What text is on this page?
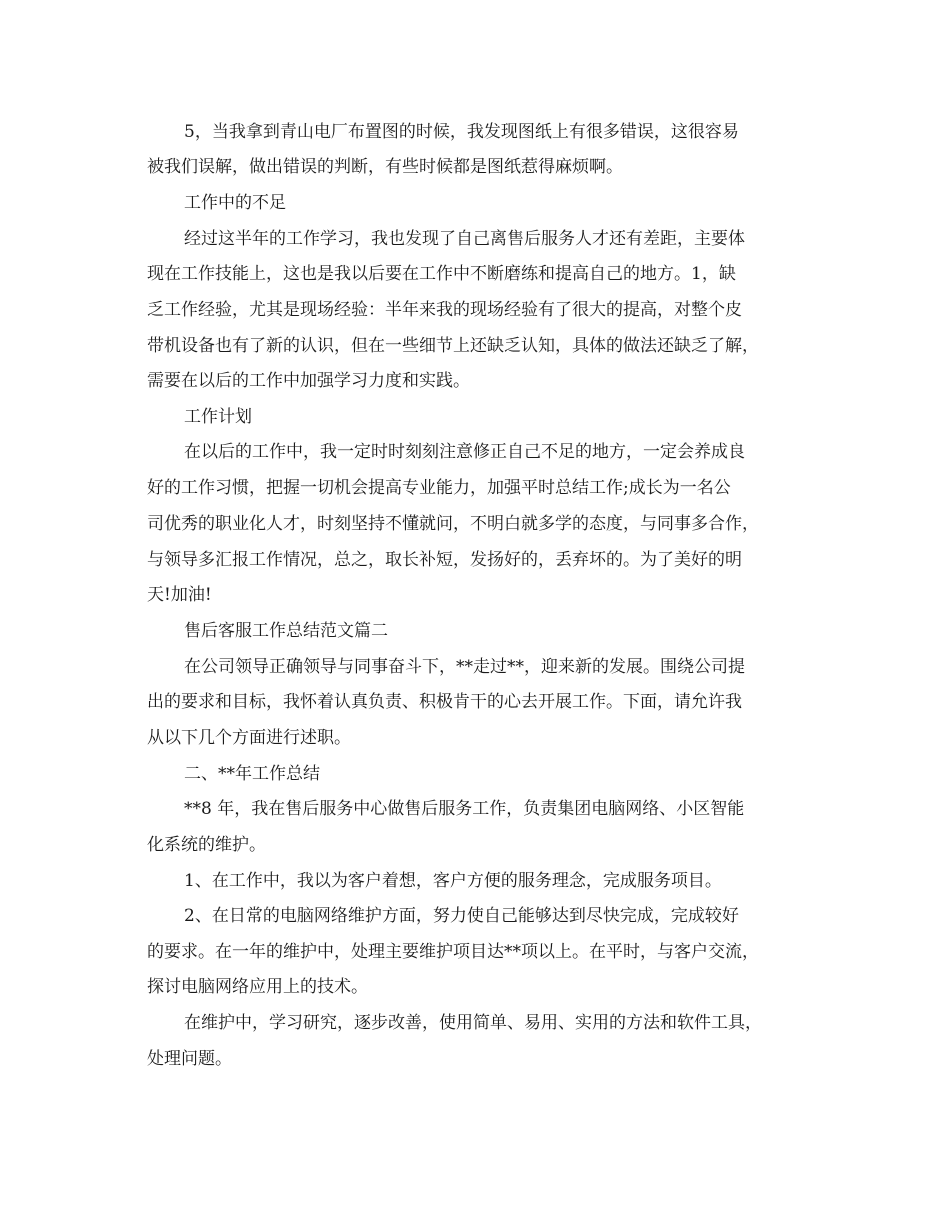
5，当我拿到青山电厂布置图的时候，我发现图纸上有很多错误，这很容易
被我们误解，做出错误的判断，有些时候都是图纸惹得麻烦啊。
工作中的不足
经过这半年的工作学习，我也发现了自己离售后服务人才还有差距，主要体
现在工作技能上，这也是我以后要在工作中不断磨练和提高自己的地方。1，缺
乏工作经验，尤其是现场经验：半年来我的现场经验有了很大的提高，对整个皮
带机设备也有了新的认识，但在一些细节上还缺乏认知，具体的做法还缺乏了解，
需要在以后的工作中加强学习力度和实践。
工作计划
在以后的工作中，我一定时时刻刻注意修正自己不足的地方，一定会养成良
好的工作习惯，把握一切机会提高专业能力，加强平时总结工作;成长为一名公
司优秀的职业化人才，时刻坚持不懂就问，不明白就多学的态度，与同事多合作，
与领导多汇报工作情况，总之，取长补短，发扬好的，丢弃坏的。为了美好的明
天!加油!
售后客服工作总结范文篇二
在公司领导正确领导与同事奋斗下，**走过**，迎来新的发展。围绕公司提
出的要求和目标，我怀着认真负责、积极肯干的心去开展工作。下面，请允许我
从以下几个方面进行述职。
二、**年工作总结
**8 年，我在售后服务中心做售后服务工作，负责集团电脑网络、小区智能
化系统的维护。
1、在工作中，我以为客户着想，客户方便的服务理念，完成服务项目。
2、在日常的电脑网络维护方面，努力使自己能够达到尽快完成，完成较好
的要求。在一年的维护中，处理主要维护项目达**项以上。在平时，与客户交流，
探讨电脑网络应用上的技术。
在维护中，学习研究，逐步改善，使用简单、易用、实用的方法和软件工具，
处理问题。
